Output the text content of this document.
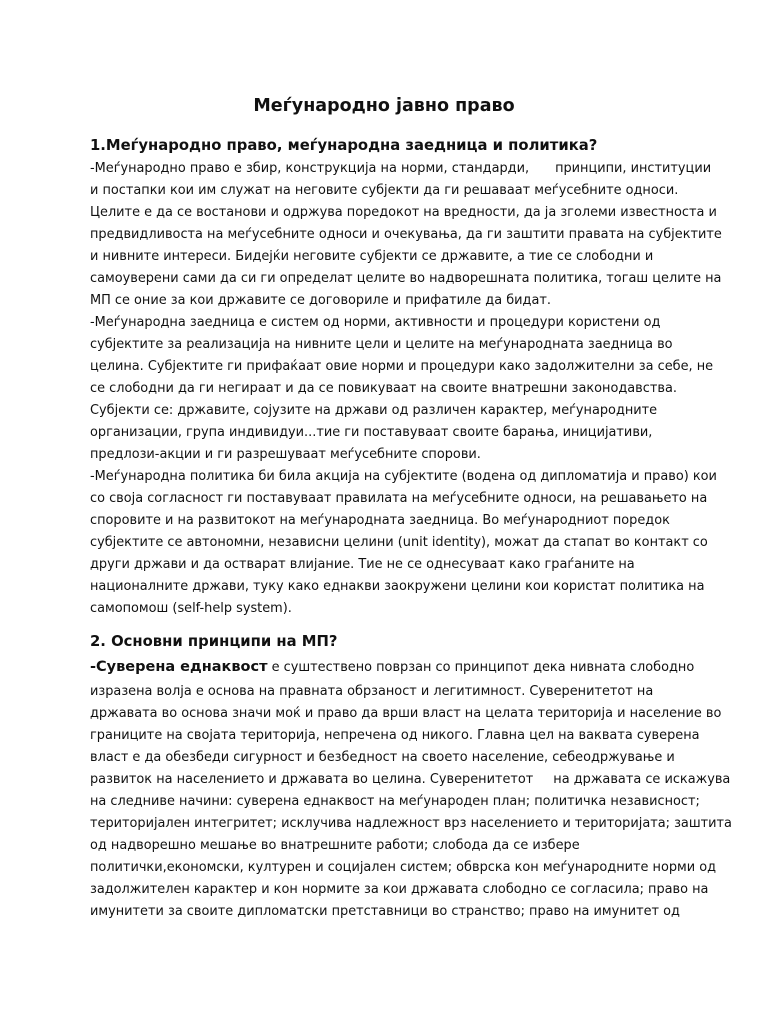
Меѓународно јавно право
1.Меѓународно право, меѓународна заедница и политика?
-Меѓународно право е збир, конструкција на норми, стандарди, принципи, институции
и постапки кои им служат на неговите субјекти да ги решаваат меѓусебните односи.
Целите е да се востанови и одржува поредокот на вредности, да ја зголеми известноста и
предвидливоста на меѓусебните односи и очекувања, да ги заштити правата на субјектите
и нивните интереси. Бидејќи неговите субјекти се државите, а тие се слободни и
самоуверени сами да си ги определат целите во надворешната политика, тогаш целите на
МП се оние за кои државите се договориле и прифатиле да бидат.
-Меѓународна заедница е систем од норми, активности и процедури користени од
субјектите за реализација на нивните цели и целите на меѓународната заедница во
целина. Субјектите ги прифаќаат овие норми и процедури како задолжителни за себе, не
се слободни да ги негираат и да се повикуваат на своите внатрешни законодавства.
Субјекти се: државите, сојузите на држави од различен карактер, меѓународните
организации, група индивидуи...тие ги поставуваат своите барања, иницијативи,
предлози-акции и ги разрешуваат меѓусебните спорови.
-Меѓународна политика би била акција на субјектите (водена од дипломатија и право) кои
со своја согласност ги поставуваат правилата на меѓусебните односи, на решавањето на
споровите и на развитокот на меѓународната заедница. Во меѓународниот поредок
субјектите се автономни, независни целини (unit identity), можат да стапат во контакт со
други држави и да остварат влијание. Тие не се однесуваат како граѓаните на
националните држави, туку како еднакви заокружени целини кои користат политика на
самопомош (self-help system).
2. Основни принципи на МП?
-Суверена еднаквост е суштествено поврзан со принципот дека нивната слободно
изразена волја е основа на правната обрзаност и легитимност. Суверенитетот на
државата во основа значи моќ и право да врши власт на целата територија и население во
границите на својата територија, непречена од никого. Главна цел на ваквата суверена
власт е да обезбеди сигурност и безбедност на своето население, себеодржување и
развиток на населението и државата во целина. Суверенитетот на државата се искажува
на следниве начини: суверена еднаквост на меѓународен план; политичка независност;
територијален интегритет; исклучива надлежност врз населението и територијата; заштита
од надворешно мешање во внатрешните работи; слобода да се избере
политички,економски, културен и социјален систем; обврска кон меѓународните норми од
задолжителен карактер и кон нормите за кои државата слободно се согласила; право на
имунитети за своите дипломатски претставници во странство; право на имунитет од
